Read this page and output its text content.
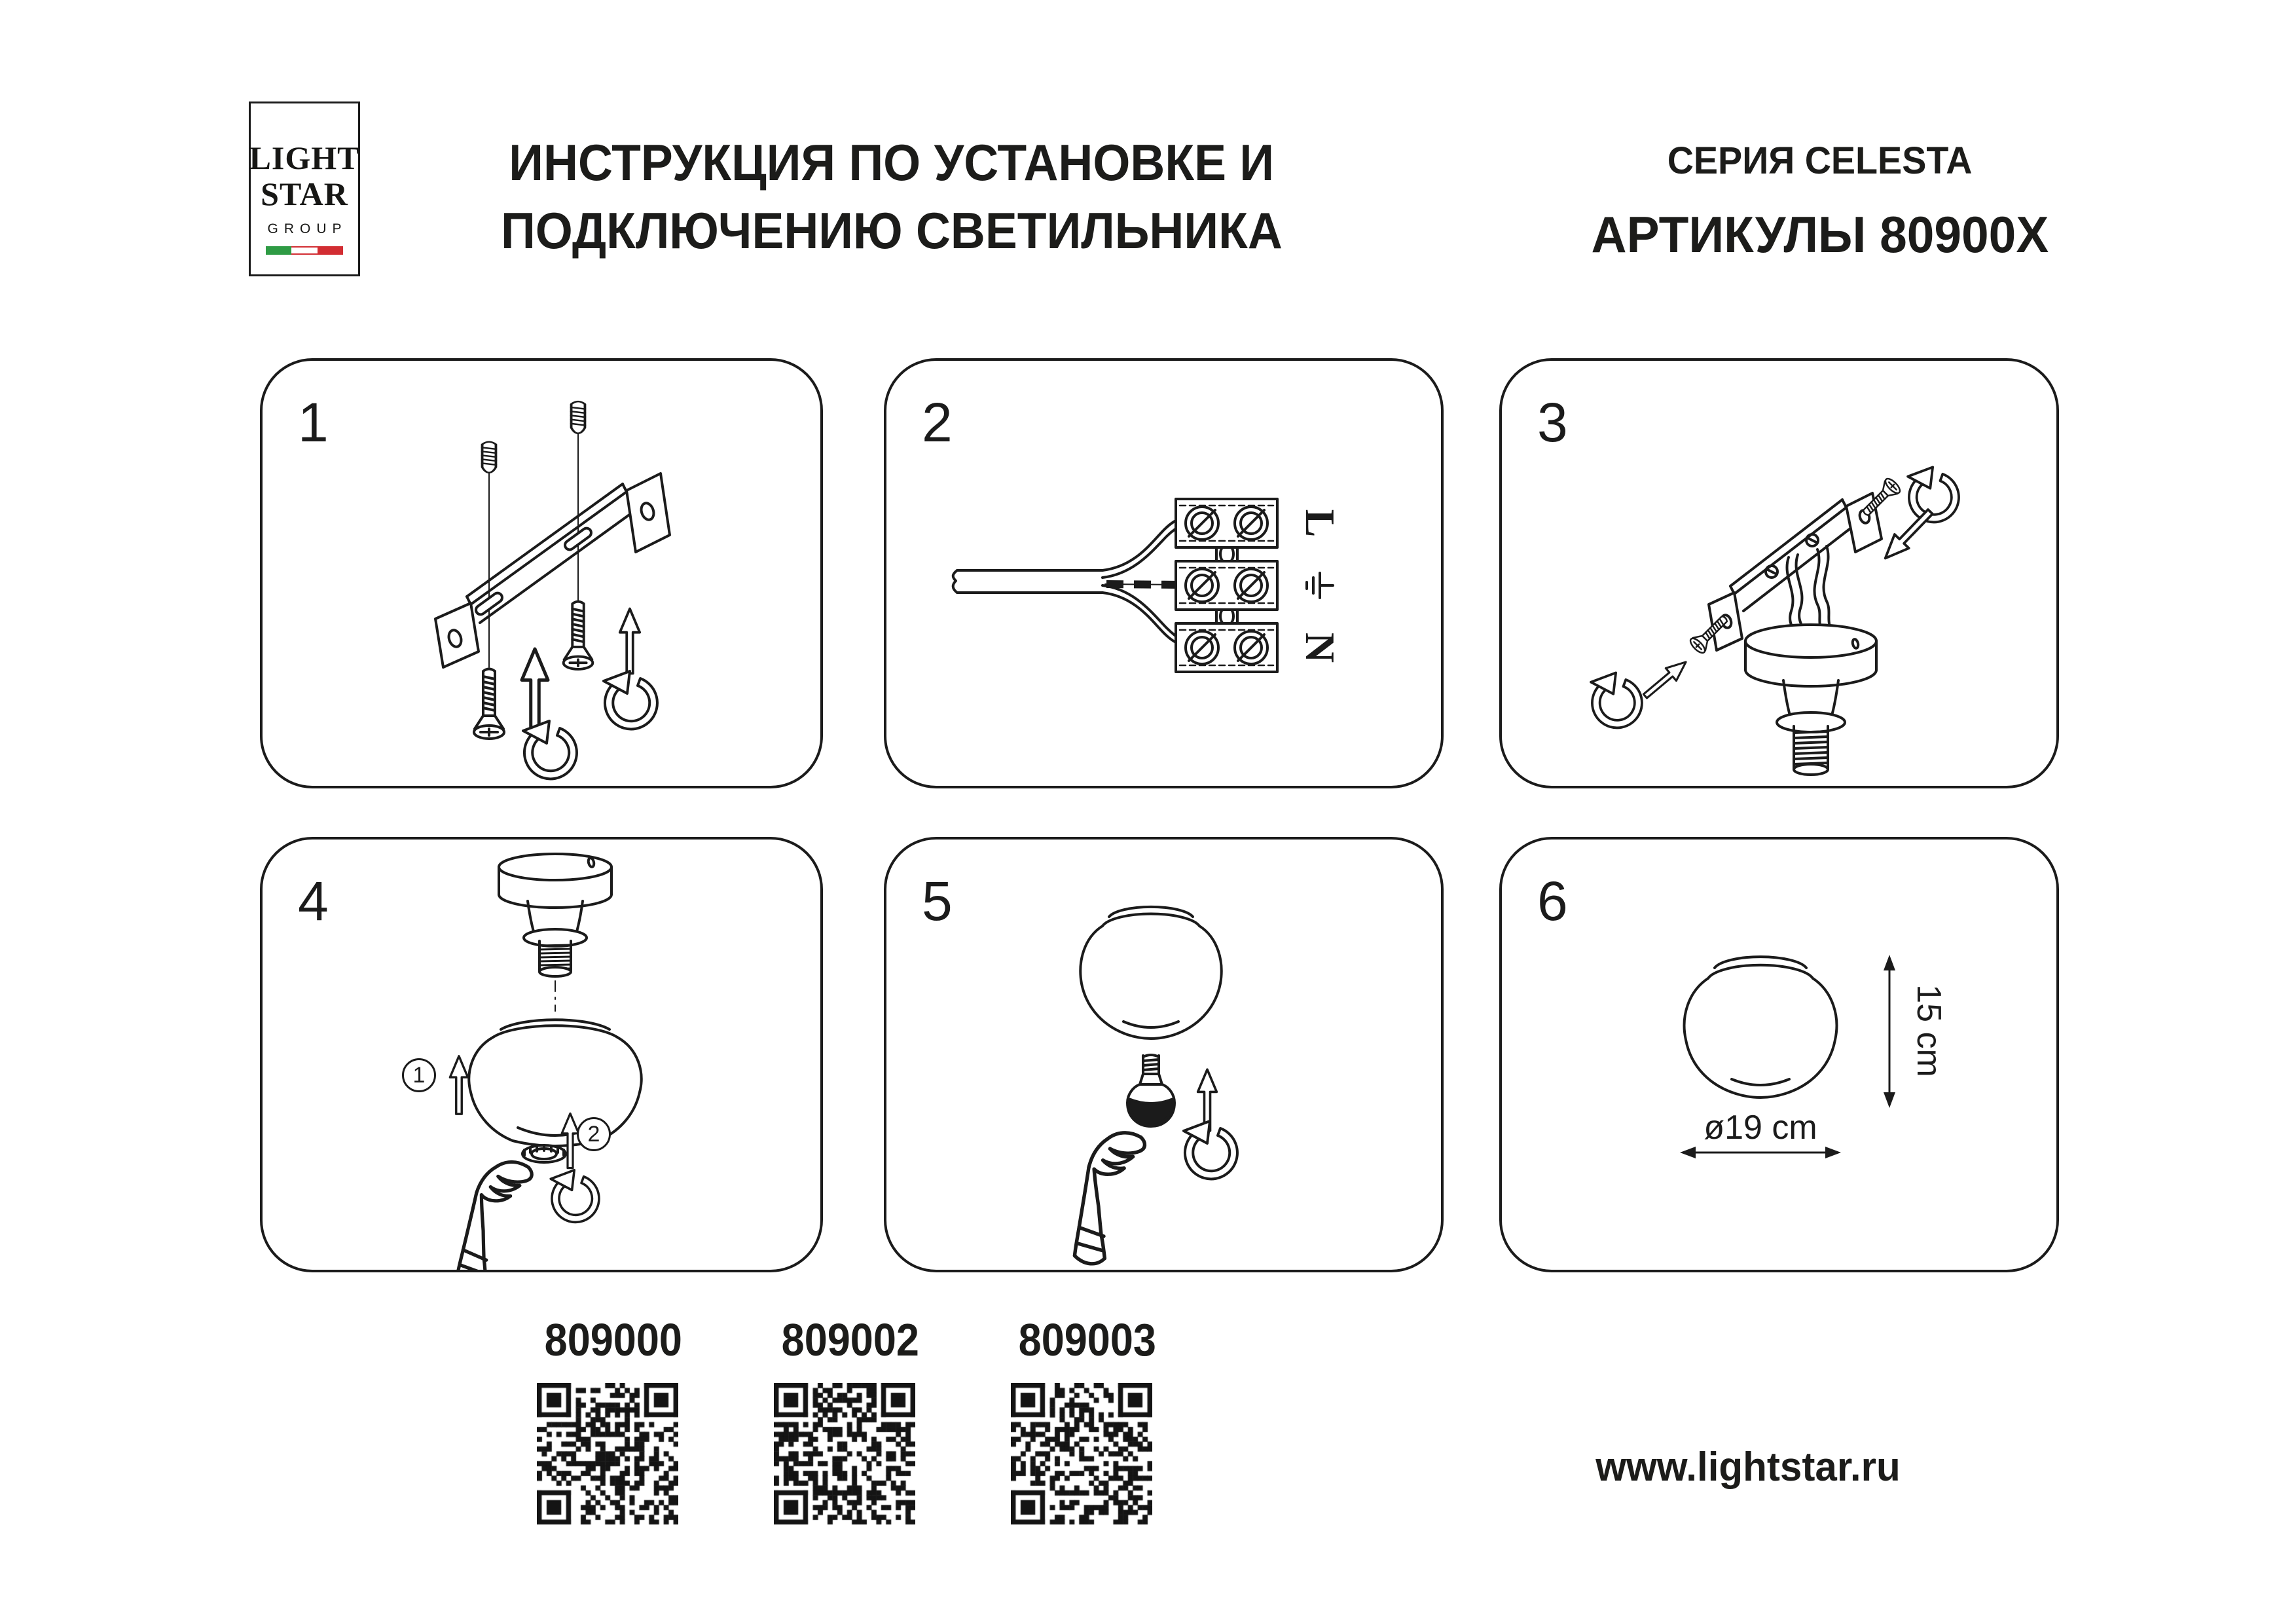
LIGHT
STAR
GROUP
ИНСТРУКЦИЯ ПО УСТАНОВКЕ И
ПОДКЛЮЧЕНИЮ СВЕТИЛЬНИКА
СЕРИЯ CELESTA
АРТИКУЛЫ 80900X
1	2
L
N
3
4
1
2
5	6
15 cm
ø19 cm
809000 809002 809003
www.lightstar.ru
